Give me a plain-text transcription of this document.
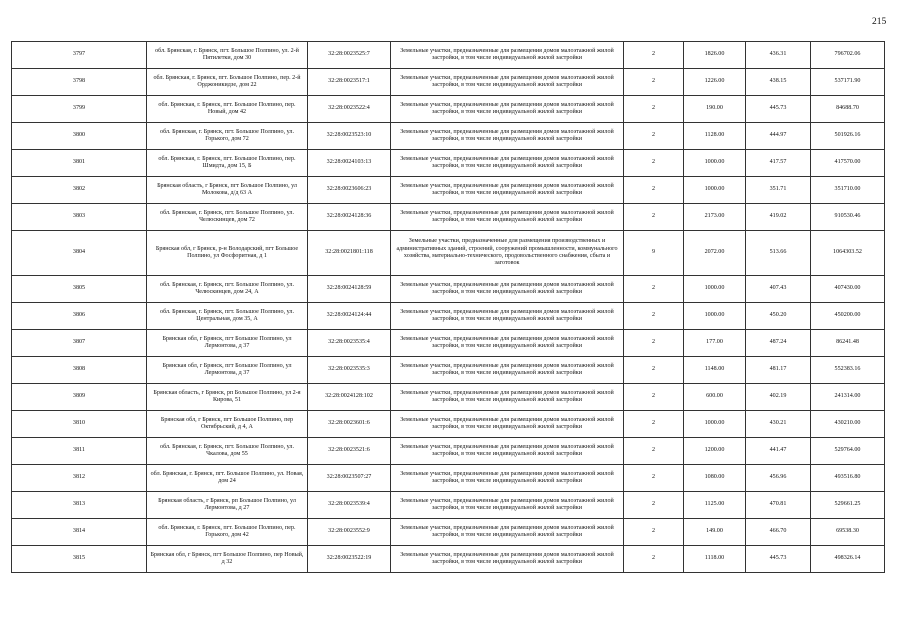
215
3797	обл. Брянская, г. Брянск, пгт. Большое Полпино, ул. 2-й Пятилетки, дом 30	32:28:0023525:7	Земельные участки, предназначенные для размещения домов малоэтажной жилой застройки, в том числе индивидуальной жилой застройки	2	1826.00	436.31	796702.06
3798	обл. Брянская, г. Брянск, пгт. Большое Полпино, пер. 2-й Орджоникидзе, дом 22	32:28:0023517:1	Земельные участки, предназначенные для размещения домов малоэтажной жилой застройки, в том числе индивидуальной жилой застройки	2	1226.00	438.15	537171.90
3799	обл. Брянская, г. Брянск, пгт. Большое Полпино, пер. Новый, дом 42	32:28:0023522:4	Земельные участки, предназначенные для размещения домов малоэтажной жилой застройки, в том числе индивидуальной жилой застройки	2	190.00	445.73	84688.70
3800	обл. Брянская, г. Брянск, пгт. Большое Полпино, ул. Горького, дом 72	32:28:0023523:10	Земельные участки, предназначенные для размещения домов малоэтажной жилой застройки, в том числе индивидуальной жилой застройки	2	1128.00	444.97	501926.16
3801	обл. Брянская, г. Брянск, пгт. Большое Полпино, пер. Шмидта, дом 15, Б	32:28:0024103:13	Земельные участки, предназначенные для размещения домов малоэтажной жилой застройки, в том числе индивидуальной жилой застройки	2	1000.00	417.57	417570.00
3802	Брянская область, г Брянск, пгт Большое Полпино, ул Молокова, д/д 63 А	32:28:0023606:23	Земельные участки, предназначенные для размещения домов малоэтажной жилой застройки, в том числе индивидуальной жилой застройки	2	1000.00	351.71	351710.00
3803	обл. Брянская, г. Брянск, пгт. Большое Полпино, ул. Челюскинцев, дом 72	32:28:0024128:36	Земельные участки, предназначенные для размещения домов малоэтажной жилой застройки, в том числе индивидуальной жилой застройки	2	2173.00	419.02	910530.46
3804	Брянская обл, г Брянск, р-н Володарский, пгт Большое Полпино, ул Фосфоритная, д 1	32:28:0021801:118	Земельные участки, предназначенные для размещения производственных и административных зданий, строений, сооружений промышленности, коммунального хозяйства, материально-технического, продовольственного снабжения, сбыта и заготовок	9	2072.00	513.66	1064303.52
3805	обл. Брянская, г. Брянск, пгт. Большое Полпино, ул. Челюскинцев, дом 24, А	32:28:0024128:59	Земельные участки, предназначенные для размещения домов малоэтажной жилой застройки, в том числе индивидуальной жилой застройки	2	1000.00	407.43	407430.00
3806	обл. Брянская, г. Брянск, пгт. Большое Полпино, ул. Центральная, дом 35, А	32:28:0024124:44	Земельные участки, предназначенные для размещения домов малоэтажной жилой застройки, в том числе индивидуальной жилой застройки	2	1000.00	450.20	450200.00
3807	Брянская обл, г Брянск, пгт Большое Полпино, ул Лермонтова, д 37	32:28:0023535:4	Земельные участки, предназначенные для размещения домов малоэтажной жилой застройки, в том числе индивидуальной жилой застройки	2	177.00	487.24	86241.48
3808	Брянская обл, г Брянск, пгт Большое Полпино, ул Лермонтова, д 37	32:28:0023535:3	Земельные участки, предназначенные для размещения домов малоэтажной жилой застройки, в том числе индивидуальной жилой застройки	2	1148.00	481.17	552383.16
3809	Брянская область, г Брянск, рп Большое Полпино, ул 2-я Кирова, 51	32:28:0024128:102	Земельные участки, предназначенные для размещения домов малоэтажной жилой застройки, в том числе индивидуальной жилой застройки	2	600.00	402.19	241314.00
3810	Брянская обл, г Брянск, пгт Большое Полпино, пер Октябрьский, д 4, А	32:28:0023601:6	Земельные участки, предназначенные для размещения домов малоэтажной жилой застройки, в том числе индивидуальной жилой застройки	2	1000.00	430.21	430210.00
3811	обл. Брянская, г. Брянск, пгт. Большое Полпино, ул. Чкалова, дом 55	32:28:0023521:6	Земельные участки, предназначенные для размещения домов малоэтажной жилой застройки, в том числе индивидуальной жилой застройки	2	1200.00	441.47	529764.00
3812	обл. Брянская, г. Брянск, пгт. Большое Полпино, ул. Новая, дом 24	32:28:0023507:27	Земельные участки, предназначенные для размещения домов малоэтажной жилой застройки, в том числе индивидуальной жилой застройки	2	1080.00	456.96	493516.80
3813	Брянская область, г Брянск, рп Большое Полпино, ул Лермонтова, д 27	32:28:0023539:4	Земельные участки, предназначенные для размещения домов малоэтажной жилой застройки, в том числе индивидуальной жилой застройки	2	1125.00	470.81	529661.25
3814	обл. Брянская, г. Брянск, пгт. Большое Полпино, пер. Горького, дом 42	32:28:0023552:9	Земельные участки, предназначенные для размещения домов малоэтажной жилой застройки, в том числе индивидуальной жилой застройки	2	149.00	466.70	69538.30
3815	Брянская обл, г Брянск, пгт Большое Полпино, пер Новый, д 32	32:28:0023522:19	Земельные участки, предназначенные для размещения домов малоэтажной жилой застройки, в том числе индивидуальной жилой застройки	2	1118.00	445.73	498326.14
